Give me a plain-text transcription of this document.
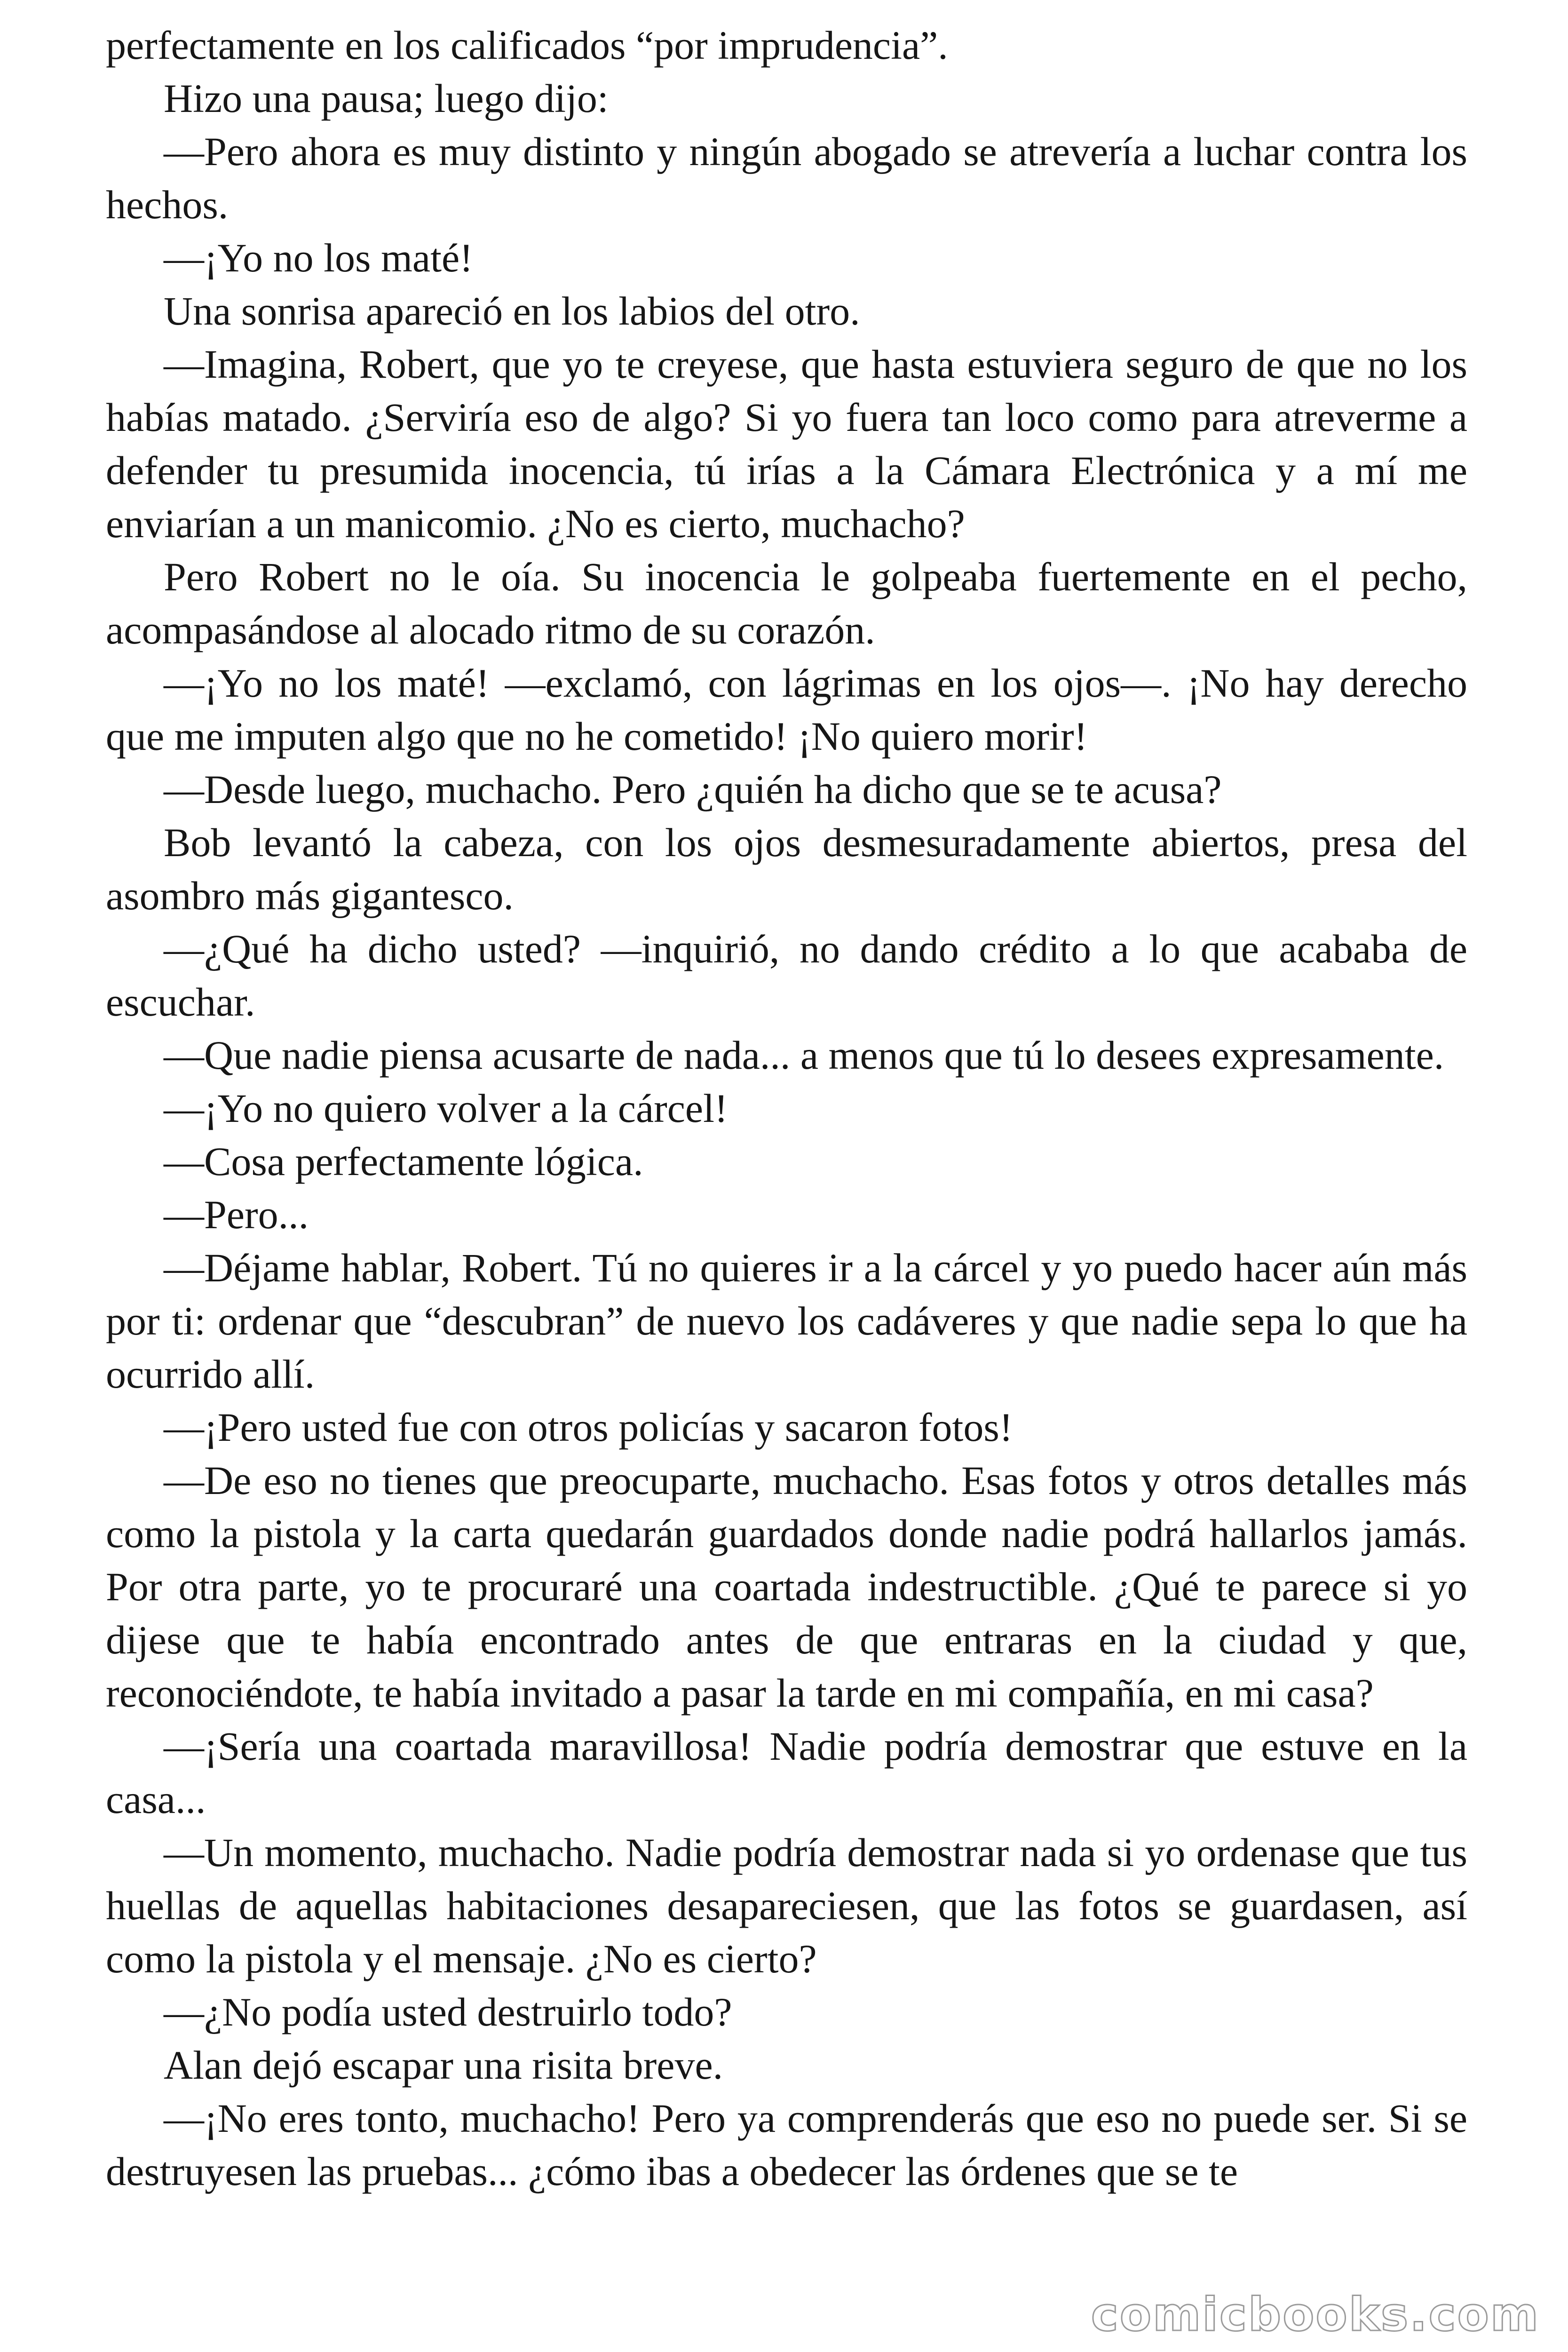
perfectamente en los calificados “por imprudencia”.

Hizo una pausa; luego dijo:

—Pero ahora es muy distinto y ningún abogado se atrevería a luchar contra los hechos.

—¡Yo no los maté!

Una sonrisa apareció en los labios del otro.

—Imagina, Robert, que yo te creyese, que hasta estuviera seguro de que no los habías matado. ¿Serviría eso de algo? Si yo fuera tan loco como para atreverme a defender tu presumida inocencia, tú irías a la Cámara Electrónica y a mí me enviarían a un manicomio. ¿No es cierto, muchacho?

Pero Robert no le oía. Su inocencia le golpeaba fuertemente en el pecho, acompasándose al alocado ritmo de su corazón.

—¡Yo no los maté! —exclamó, con lágrimas en los ojos—. ¡No hay derecho que me imputen algo que no he cometido! ¡No quiero morir!

—Desde luego, muchacho. Pero ¿quién ha dicho que se te acusa?

Bob levantó la cabeza, con los ojos desmesuradamente abiertos, presa del asombro más gigantesco.

—¿Qué ha dicho usted? —inquirió, no dando crédito a lo que acababa de escuchar.

—Que nadie piensa acusarte de nada... a menos que tú lo desees expresamente.

—¡Yo no quiero volver a la cárcel!

—Cosa perfectamente lógica.

—Pero...

—Déjame hablar, Robert. Tú no quieres ir a la cárcel y yo puedo hacer aún más por ti: ordenar que “descubran” de nuevo los cadáveres y que nadie sepa lo que ha ocurrido allí.

—¡Pero usted fue con otros policías y sacaron fotos!

—De eso no tienes que preocuparte, muchacho. Esas fotos y otros detalles más como la pistola y la carta quedarán guardados donde nadie podrá hallarlos jamás. Por otra parte, yo te procuraré una coartada indestructible. ¿Qué te parece si yo dijese que te había encontrado antes de que entraras en la ciudad y que, reconociéndote, te había invitado a pasar la tarde en mi compañía, en mi casa?

—¡Sería una coartada maravillosa! Nadie podría demostrar que estuve en la casa...

—Un momento, muchacho. Nadie podría demostrar nada si yo ordenase que tus huellas de aquellas habitaciones desapareciesen, que las fotos se guardasen, así como la pistola y el mensaje. ¿No es cierto?

—¿No podía usted destruirlo todo?

Alan dejó escapar una risita breve.

—¡No eres tonto, muchacho! Pero ya comprenderás que eso no puede ser. Si se destruyesen las pruebas... ¿cómo ibas a obedecer las órdenes que se te

comicbooks.com
